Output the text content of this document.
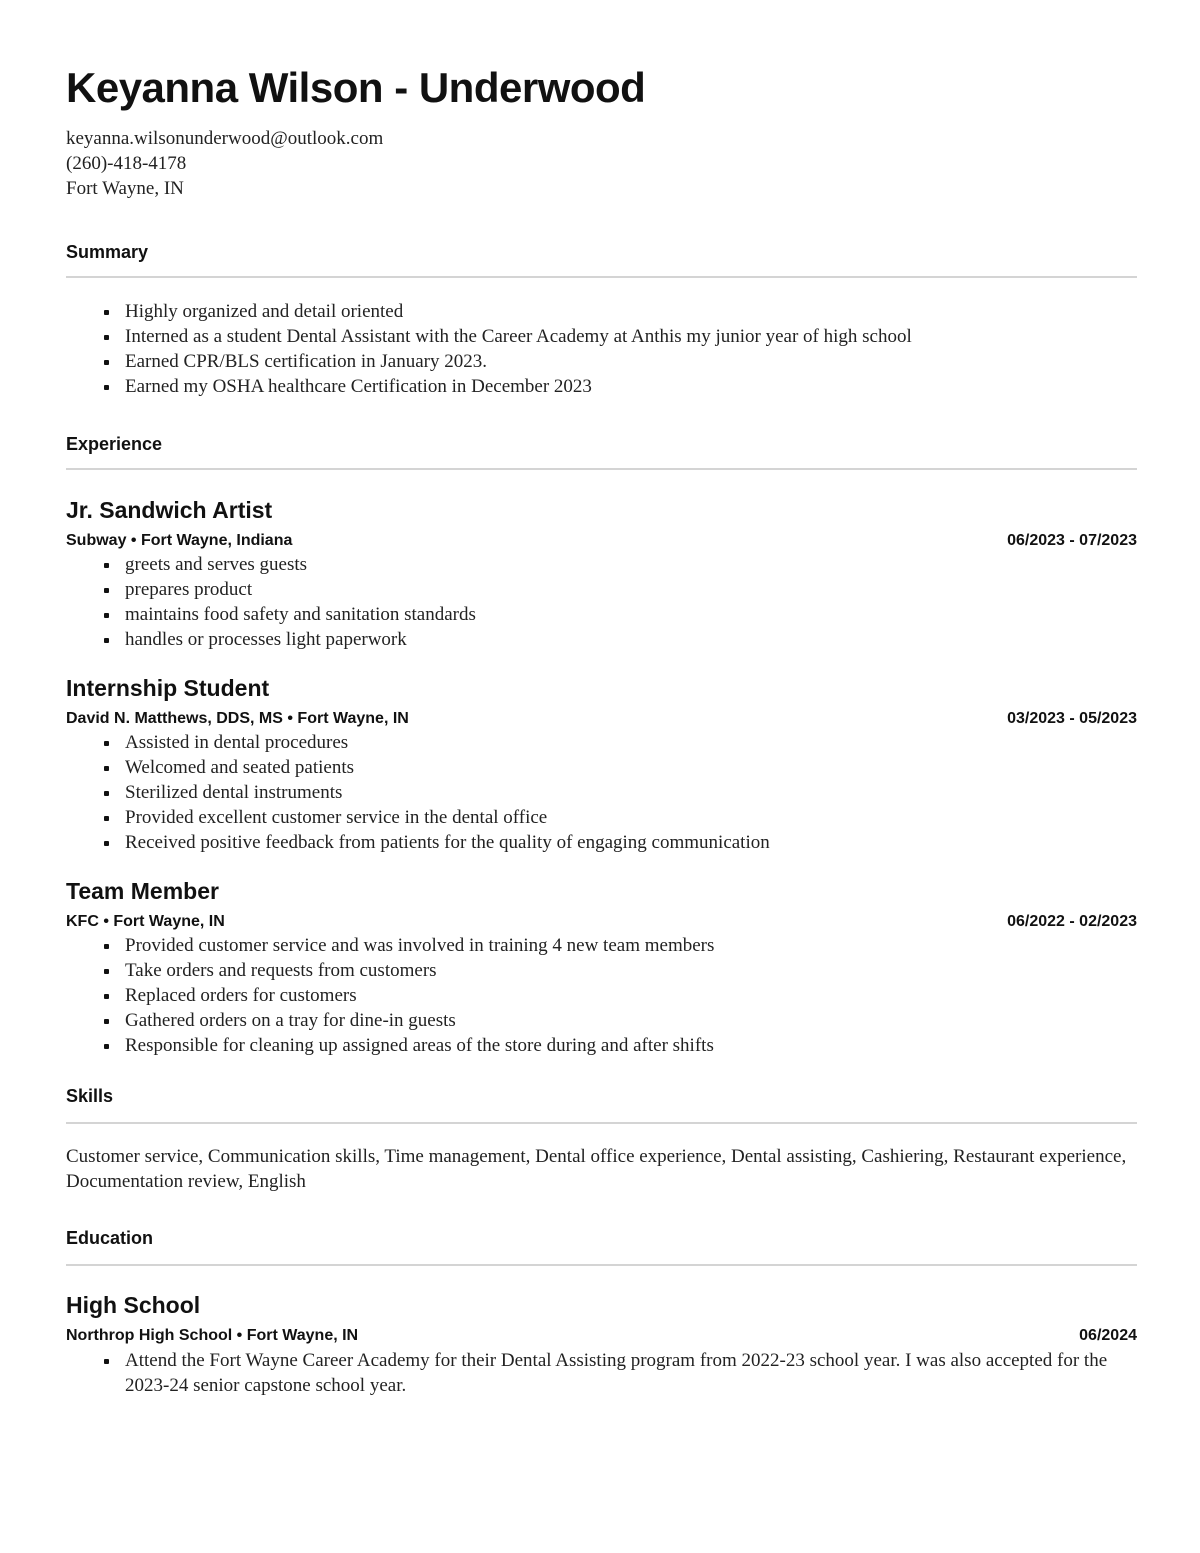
Keyanna Wilson - Underwood
keyanna.wilsonunderwood@outlook.com
(260)-418-4178
Fort Wayne, IN
Summary
Highly organized and detail oriented
Interned as a student Dental Assistant with the Career Academy at Anthis my junior year of high school
Earned CPR/BLS certification in January 2023.
Earned my OSHA healthcare Certification in December 2023
Experience
Jr. Sandwich Artist
Subway • Fort Wayne, Indiana	06/2023 - 07/2023
greets and serves guests
prepares product
maintains food safety and sanitation standards
handles or processes light paperwork
Internship Student
David N. Matthews, DDS, MS • Fort Wayne, IN	03/2023 - 05/2023
Assisted in dental procedures
Welcomed and seated patients
Sterilized dental instruments
Provided excellent customer service in the dental office
Received positive feedback from patients for the quality of engaging communication
Team Member
KFC • Fort Wayne, IN	06/2022 - 02/2023
Provided customer service and was involved in training 4 new team members
Take orders and requests from customers
Replaced orders for customers
Gathered orders on a tray for dine-in guests
Responsible for cleaning up assigned areas of the store during and after shifts
Skills
Customer service, Communication skills, Time management, Dental office experience, Dental assisting, Cashiering, Restaurant experience, Documentation review, English
Education
High School
Northrop High School • Fort Wayne, IN	06/2024
Attend the Fort Wayne Career Academy for their Dental Assisting program from 2022-23 school year. I was also accepted for the 2023-24 senior capstone school year.
